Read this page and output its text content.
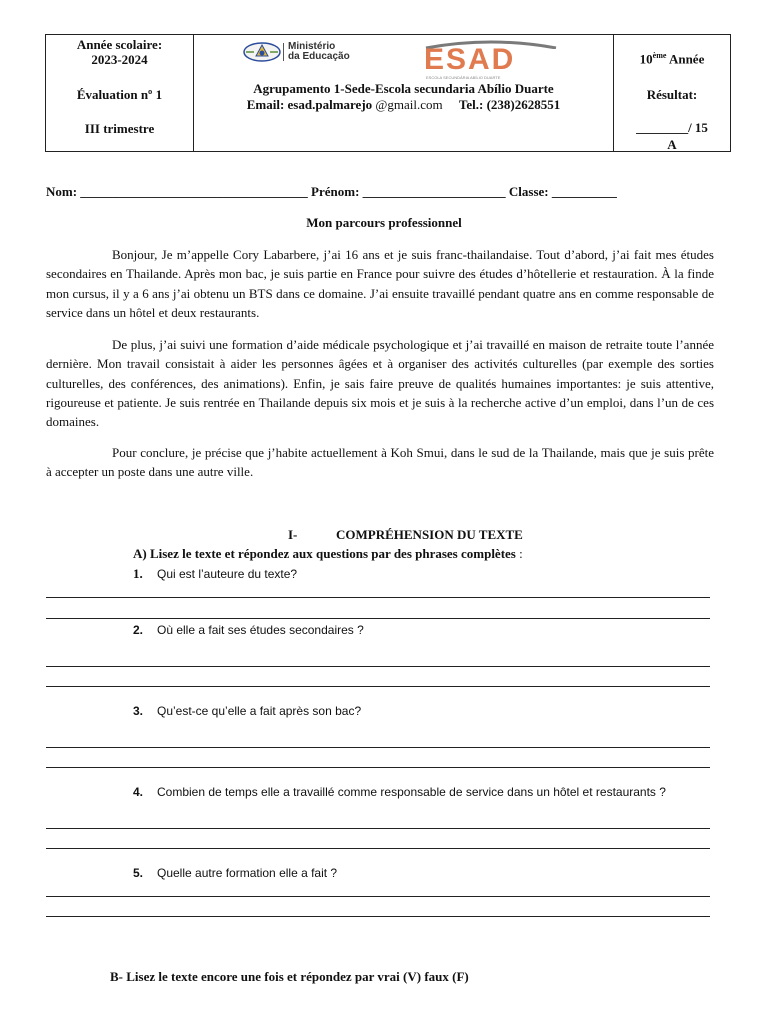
Année scolaire:
2023-2024
Évaluation nº 1
III trimestre
Ministério
da Educação ESAD
ESCOLA SECUNDÁRIA ABÍLIO DUARTE
Agrupamento 1-Sede-Escola secundaria Abílio Duarte
Email: esad.palmarejo @gmail.com Tel.: (238)2628551
10ème Année
Résultat:
________/ 15
A
Nom: ___________________________________ Prénom: ______________________ Classe: __________
Mon parcours professionnel
Bonjour, Je m’appelle Cory Labarbere, j’ai 16 ans et je suis franc-thailandaise. Tout d’abord, j’ai fait mes études secondaires en Thailande. Après mon bac, je suis partie en France pour suivre des études d’hôtellerie et restauration. À la finde mon cursus, il y a 6 ans j’ai obtenu un BTS dans ce domaine. J’ai ensuite travaillé pendant quatre ans en comme responsable de service dans un hôtel et deux restaurants.
De plus, j’ai suivi une formation d’aide médicale psychologique et j’ai travaillé en maison de retraite toute l’année dernière. Mon travail consistait à aider les personnes âgées et à organiser des activités culturelles (par exemple des sorties culturelles, des conférences, des animations). Enfin, je sais faire preuve de qualités humaines importantes: je suis attentive, rigoureuse et patiente. Je suis rentrée en Thailande depuis six mois et je suis à la recherche active d’un emploi, dans l’un de ces domaines.
Pour conclure, je précise que j’habite actuellement à Koh Smui, dans le sud de la Thailande, mais que je suis prête à accepter un poste dans une autre ville.
I-	COMPRÉHENSION DU TEXTE
A) Lisez le texte et répondez aux questions par des phrases complètes :
1. Qui est l’auteure du texte?
2. Où elle a fait ses études secondaires ?
3. Qu’est-ce qu’elle a fait après son bac?
4. Combien de temps elle a travaillé comme responsable de service dans un hôtel et restaurants ?
5. Quelle autre formation elle a fait ?
B- Lisez le texte encore une fois et répondez par vrai (V) faux (F)
